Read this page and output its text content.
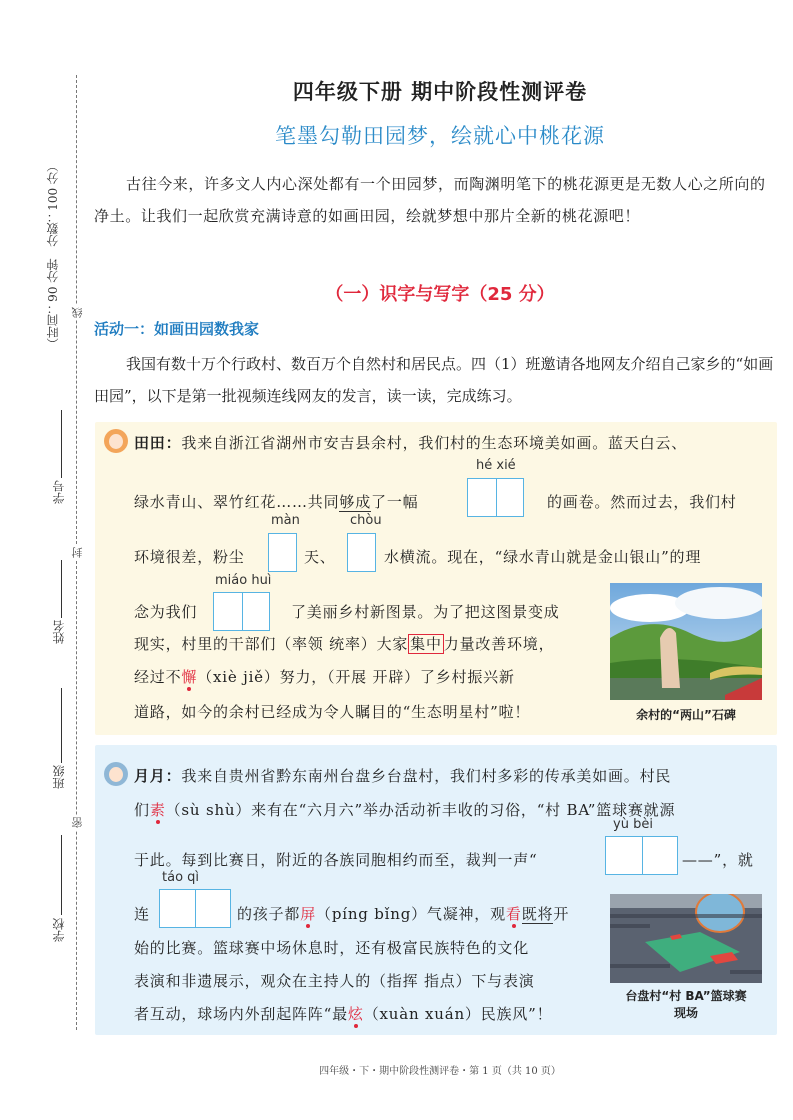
（时间：90 分钟　分数：100 分） 线
封
密
学号
姓名
班级
学校
四年级下册 期中阶段性测评卷
笔墨勾勒田园梦，绘就心中桃花源
古往今来，许多文人内心深处都有一个田园梦，而陶渊明笔下的桃花源更是无数人心之所向的净土。让我们一起欣赏充满诗意的如画田园，绘就梦想中那片全新的桃花源吧！
（一）识字与写字（25 分）
活动一：如画田园数我家
我国有数十万个行政村、数百万个自然村和居民点。四（1）班邀请各地网友介绍自己家乡的“如画田园”，以下是第一批视频连线网友的发言，读一读，完成练习。
田田：我来自浙江省湖州市安吉县余村，我们村的生态环境美如画。蓝天白云、
hé xié
绿水青山、翠竹红花……共同够成了一幅	的画卷。然而过去，我们村
màn	chòu
环境很差，粉尘	天、	水横流。现在，“绿水青山就是金山银山”的理
miáo huì
念为我们	了美丽乡村新图景。为了把这图景变成
现实，村里的干部们（率领 统率）大家 集中 力量改善环境，
经过不懈（xiè jiě）努力，（开展 开辟）了乡村振兴新
道路，如今的余村已经成为令人瞩目的“生态明星村”啦！	余村的“两山”石碑
月月：我来自贵州省黔东南州台盘乡台盘村，我们村多彩的传承美如画。村民
们素（sù shù）来有在“六月六”举办活动祈丰收的习俗，“村 BA”篮球赛就源
yù bèi
于此。每到比赛日，附近的各族同胞相约而至，裁判一声“	——”，就
táo qì
连	的孩子都屏（píng bǐng）气凝神，观看既将开
始的比赛。篮球赛中场休息时，还有极富民族特色的文化
表演和非遗展示，观众在主持人的（指挥 指点）下与表演
者互动，球场内外刮起阵阵“最炫（xuàn xuán）民族风”！
台盘村“村 BA”篮球赛
现场
四年级・下・期中阶段性测评卷・第 1 页（共 10 页）
